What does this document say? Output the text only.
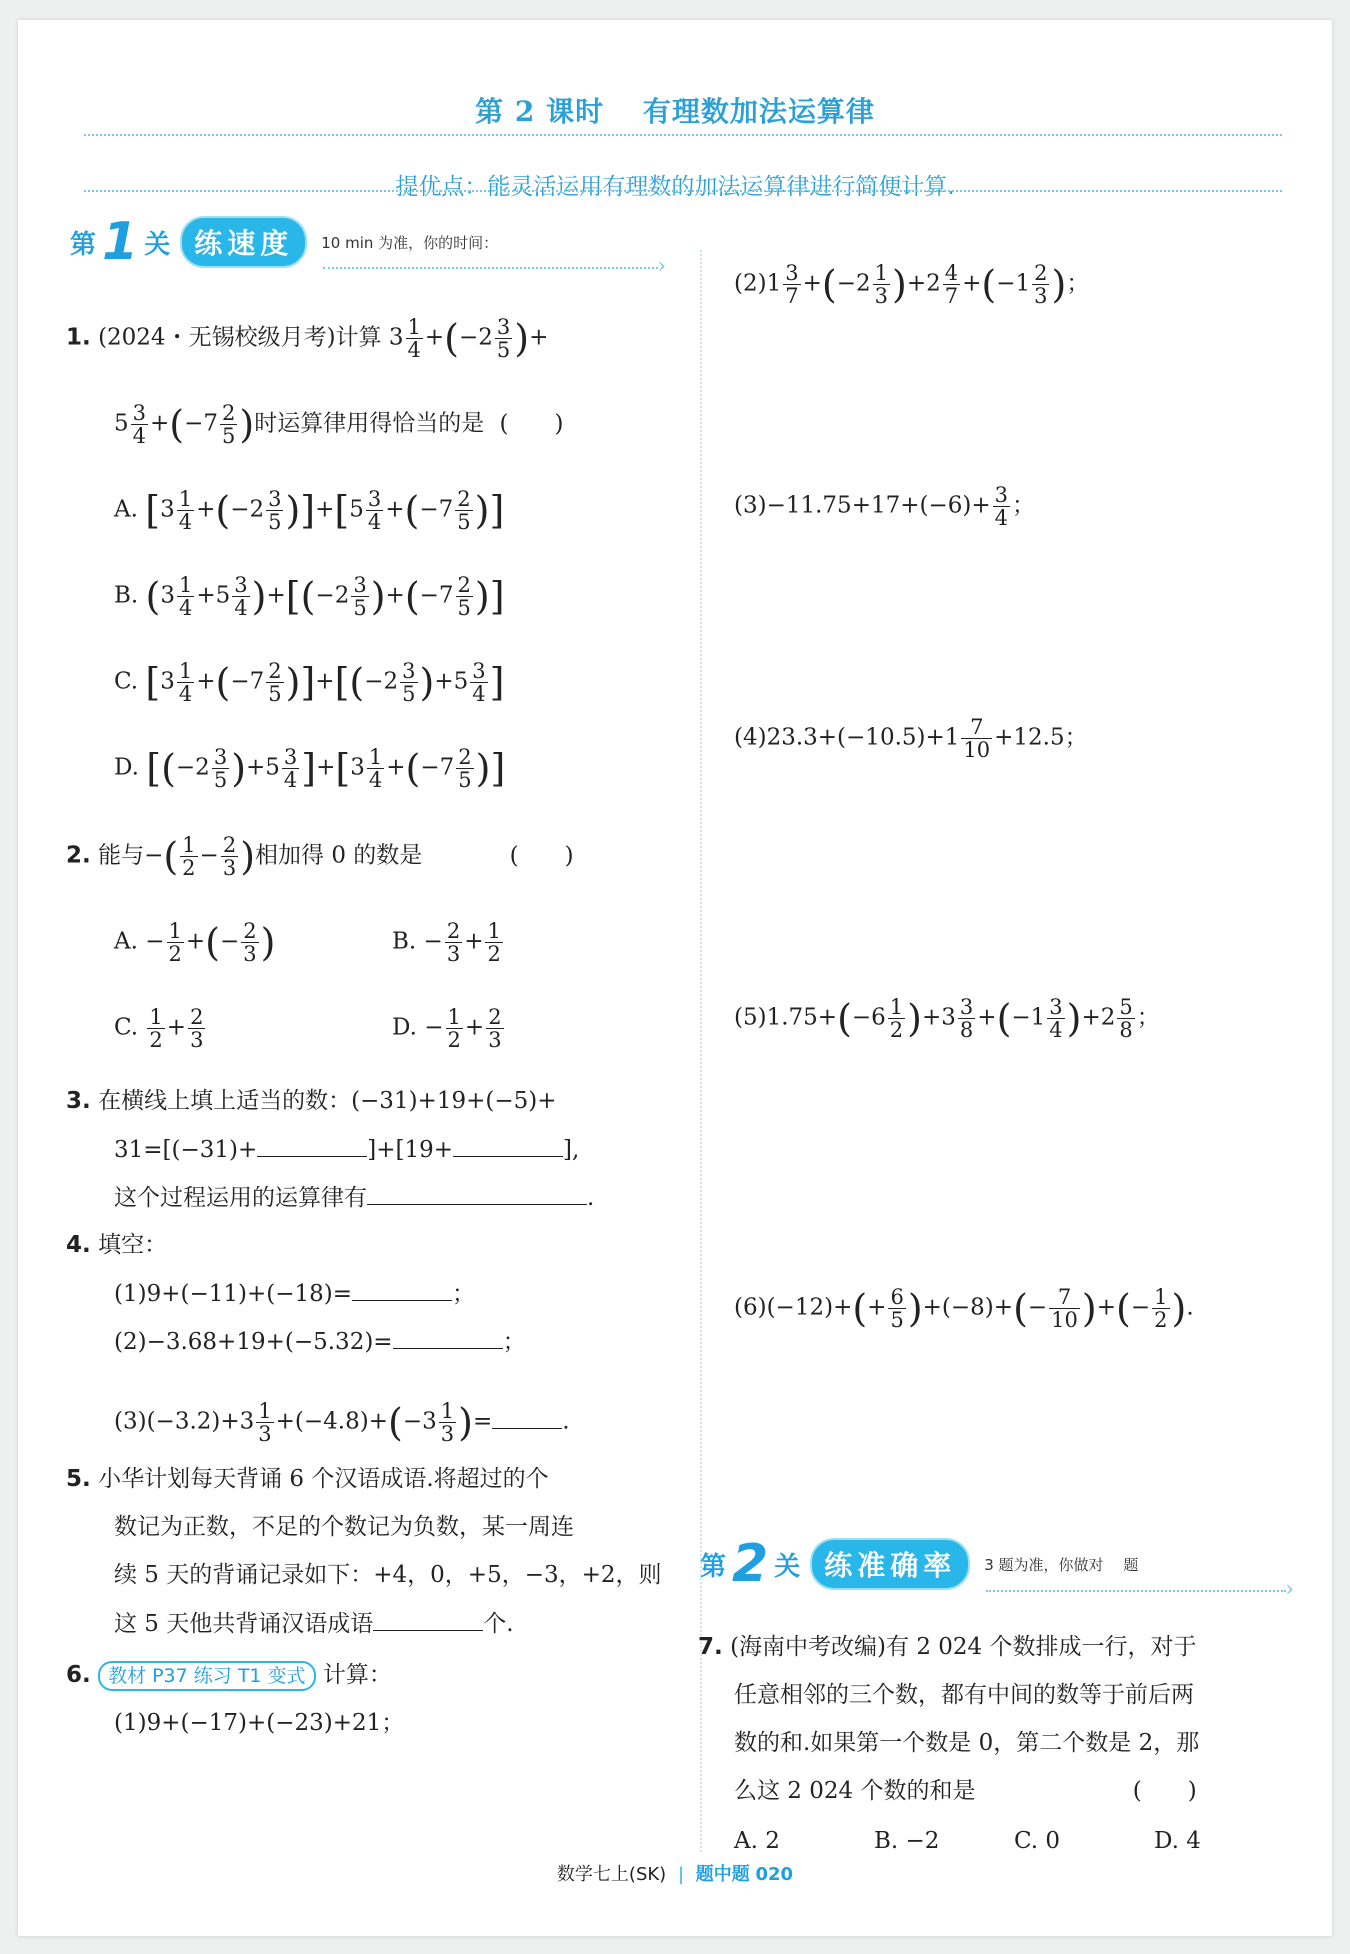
第 2 课时 有理数加法运算律
提优点：能灵活运用有理数的加法运算律进行简便计算.
第 1 关 练速度	10 min 为准，你的时间：
›
1. (2024・无锡校级月考)计算 $3 \frac{1}{4} +(-2 \frac{3}{5}$ )+
$5 \frac{3}{4} +(-7 \frac{2}{5}$ )时运算律用得恰当的是 (　　)
A. $[3 \frac{1}{4} +(-2 \frac{3}{5} )]+[5 \frac{3}{4} +(-7 \frac{2}{5}$ )]
B. $(3 \frac{1}{4} +5 \frac{3}{4} )+[(-2 \frac{3}{5} )+(-7 \frac{2}{5}$ )]
C. $[3 \frac{1}{4} +(-7 \frac{2}{5} )]+[(-2 \frac{3}{5} )+5 \frac{3}{4}$ ]
D. $[(-2 \frac{3}{5} )+5 \frac{3}{4} ]+[3 \frac{1}{4} +(-7 \frac{2}{5}$ )]
2. 能与−( $\frac{1}{2} - \frac{2}{3}$ )相加得 0 的数是	(　　)
A. − $\frac{1}{2}$ +(− $\frac{2}{3}$ )	B. − $\frac{2}{3} + \frac{1}{2}$
C. $\frac{1}{2} + \frac{2}{3}$	D. − $\frac{1}{2} + \frac{2}{3}$
3. 在横线上填上适当的数：(−31)+19+(−5)+
31=[(−31)+	]+[19+	],
这个过程运用的运算律有	.
4. 填空：
(1)9+(−11)+(−18)=	；
(2)−3.68+19+(−5.32)=	；
$(3)(-3.2)+3 \frac{1}{3} +(-4.8)+(-3 \frac{1}{3}$ )=	.
5. 小华计划每天背诵 6 个汉语成语.将超过的个
数记为正数，不足的个数记为负数，某一周连
续 5 天的背诵记录如下：+4，0，+5，−3，+2，则
这 5 天他共背诵汉语成语	个.
6. 教材 P37 练习 T1 变式 计算：
(1)9+(−17)+(−23)+21；
$(2)1 \frac{3}{7} +(-2 \frac{1}{3} )+2 \frac{4}{7} +(-1 \frac{2}{3}$ )；
$(3)-11.75+17+(-6)+ \frac{3}{4}$ ；
$(4)23.3+(-10.5)+1 \frac{7}{10} +12.5$；
$(5)1.75+(-6 \frac{1}{2} )+3 \frac{3}{8} +(-1 \frac{3}{4} )+2 \frac{5}{8}$ ；
$(6)(-12)+(+ \frac{6}{5} )+(-8)+(- \frac{7}{10}$ )+(− $\frac{1}{2}$ ).
第 2 关 练准确率	3 题为准，你做对　 题
›
7. (海南中考改编)有 2 024 个数排成一行，对于
任意相邻的三个数，都有中间的数等于前后两
数的和.如果第一个数是 0，第二个数是 2，那
么这 2 024 个数的和是	(　　)
A. 2	B. −2	C. 0	D. 4
数学七上(SK) | 题中题 020
